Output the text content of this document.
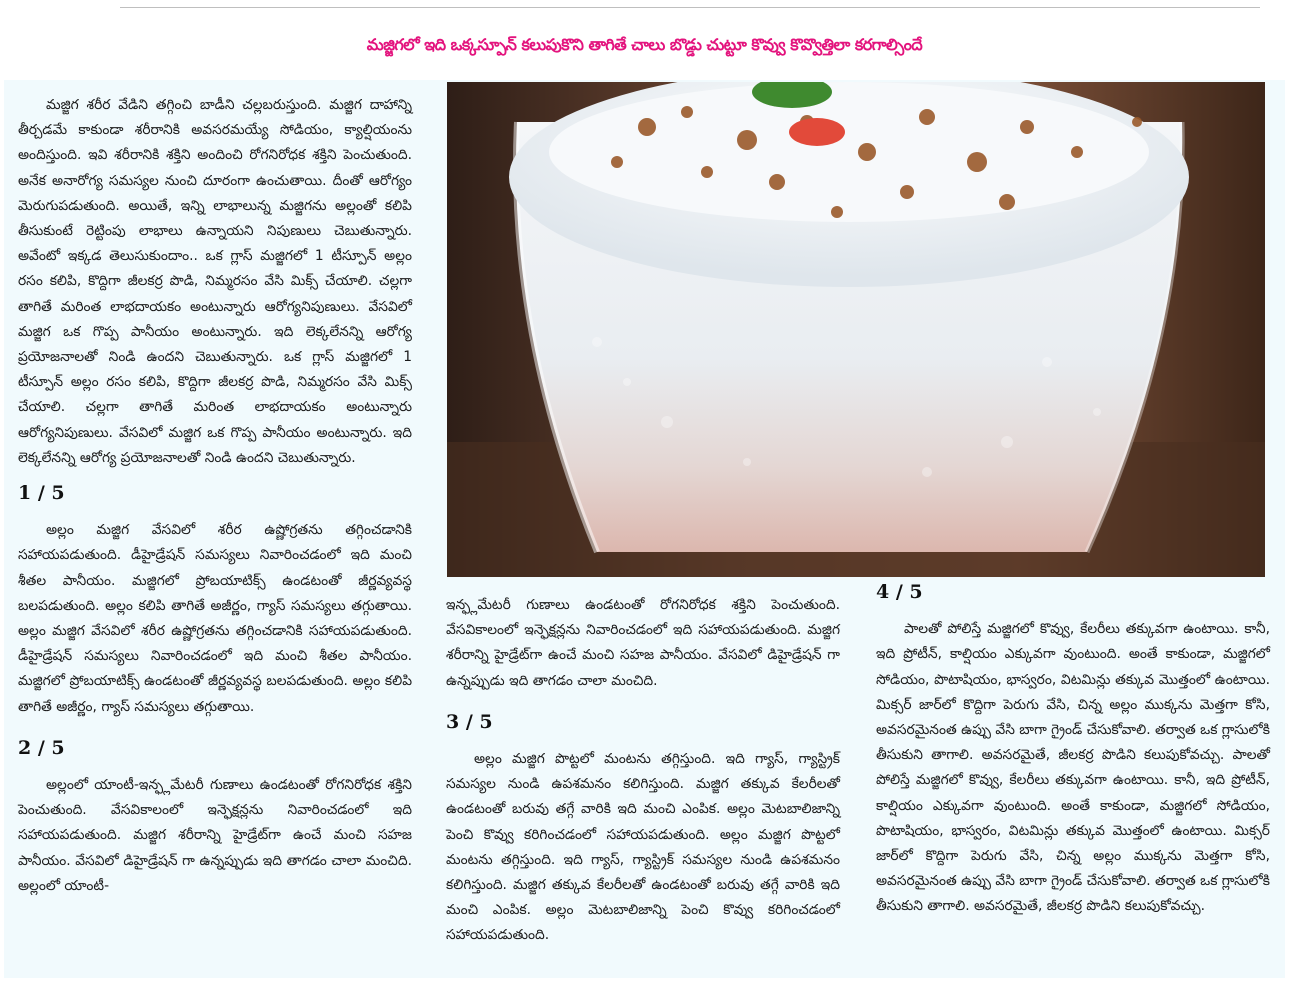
మజ్జిగలో ఇది ఒక్కస్పూన్ కలుపుకొని తాగితే చాలు బొడ్డు చుట్టూ కొవ్వు కొవ్వొత్తిలా కరగాల్సిందే

మజ్జిగ శరీర వేడిని తగ్గించి బాడీని చల్లబరుస్తుంది. మజ్జిగ దాహాన్ని తీర్చడమే కాకుండా శరీరానికి అవసరమయ్యే సోడియం, క్యాల్షియంను అందిస్తుంది. ఇవి శరీరానికి శక్తిని అందించి రోగనిరోధక శక్తిని పెంచుతుంది. అనేక అనారోగ్య సమస్యల నుంచి దూరంగా ఉంచుతాయి. దీంతో ఆరోగ్యం మెరుగుపడుతుంది. అయితే, ఇన్ని లాభాలున్న మజ్జిగను అల్లంతో కలిపి తీసుకుంటే రెట్టింపు లాభాలు ఉన్నాయని నిపుణులు చెబుతున్నారు. అవేంటో ఇక్కడ తెలుసుకుందాం.. ఒక గ్లాస్ మజ్జిగలో 1 టీస్పూన్ అల్లం రసం కలిపి, కొద్దిగా జీలకర్ర పొడి, నిమ్మరసం వేసి మిక్స్ చేయాలి. చల్లగా తాగితే మరింత లాభదాయకం అంటున్నారు ఆరోగ్యనిపుణులు. వేసవిలో మజ్జిగ ఒక గొప్ప పానీయం అంటున్నారు. ఇది లెక్కలేనన్ని ఆరోగ్య ప్రయోజనాలతో నిండి ఉందని చెబుతున్నారు. ఒక గ్లాస్ మజ్జిగలో 1 టీస్పూన్ అల్లం రసం కలిపి, కొద్దిగా జీలకర్ర పొడి, నిమ్మరసం వేసి మిక్స్ చేయాలి. చల్లగా తాగితే మరింత లాభదాయకం అంటున్నారు ఆరోగ్యనిపుణులు. వేసవిలో మజ్జిగ ఒక గొప్ప పానీయం అంటున్నారు. ఇది లెక్కలేనన్ని ఆరోగ్య ప్రయోజనాలతో నిండి ఉందని చెబుతున్నారు.

1 / 5

అల్లం మజ్జిగ వేసవిలో శరీర ఉష్ణోగ్రతను తగ్గించడానికి సహాయపడుతుంది. డీహైడ్రేషన్ సమస్యలు నివారించడంలో ఇది మంచి శీతల పానీయం. మజ్జిగలో ప్రోబయాటిక్స్ ఉండటంతో జీర్ణవ్యవస్థ బలపడుతుంది. అల్లం కలిపి తాగితే అజీర్ణం, గ్యాస్ సమస్యలు తగ్గుతాయి. అల్లం మజ్జిగ వేసవిలో శరీర ఉష్ణోగ్రతను తగ్గించడానికి సహాయపడుతుంది. డీహైడ్రేషన్ సమస్యలు నివారించడంలో ఇది మంచి శీతల పానీయం. మజ్జిగలో ప్రోబయాటిక్స్ ఉండటంతో జీర్ణవ్యవస్థ బలపడుతుంది. అల్లం కలిపి తాగితే అజీర్ణం, గ్యాస్ సమస్యలు తగ్గుతాయి.

2 / 5

అల్లంలో యాంటీ-ఇన్ఫ్లమేటరీ గుణాలు ఉండటంతో రోగనిరోధక శక్తిని పెంచుతుంది. వేసవికాలంలో ఇన్ఫెక్షన్లను నివారించడంలో ఇది సహాయపడుతుంది. మజ్జిగ శరీరాన్ని హైడ్రేట్‌గా ఉంచే మంచి సహజ పానీయం. వేసవిలో డిహైడ్రేషన్ గా ఉన్నప్పుడు ఇది తాగడం చాలా మంచిది. అల్లంలో యాంటీ-

ఇన్ఫ్లమేటరీ గుణాలు ఉండటంతో రోగనిరోధక శక్తిని పెంచుతుంది. వేసవికాలంలో ఇన్ఫెక్షన్లను నివారించడంలో ఇది సహాయపడుతుంది. మజ్జిగ శరీరాన్ని హైడ్రేట్‌గా ఉంచే మంచి సహజ పానీయం. వేసవిలో డిహైడ్రేషన్ గా ఉన్నప్పుడు ఇది తాగడం చాలా మంచిది.

3 / 5

అల్లం మజ్జిగ పొట్టలో మంటను తగ్గిస్తుంది. ఇది గ్యాస్, గ్యాస్ట్రిక్ సమస్యల నుండి ఉపశమనం కలిగిస్తుంది. మజ్జిగ తక్కువ కేలరీలతో ఉండటంతో బరువు తగ్గే వారికి ఇది మంచి ఎంపిక. అల్లం మెటబాలిజాన్ని పెంచి కొవ్వు కరిగించడంలో సహాయపడుతుంది. అల్లం మజ్జిగ పొట్టలో మంటను తగ్గిస్తుంది. ఇది గ్యాస్, గ్యాస్ట్రిక్ సమస్యల నుండి ఉపశమనం కలిగిస్తుంది. మజ్జిగ తక్కువ కేలరీలతో ఉండటంతో బరువు తగ్గే వారికి ఇది మంచి ఎంపిక. అల్లం మెటబాలిజాన్ని పెంచి కొవ్వు కరిగించడంలో సహాయపడుతుంది.

4 / 5

పాలతో పోలిస్తే మజ్జిగలో కొవ్వు, కేలరీలు తక్కువగా ఉంటాయి. కానీ, ఇది ప్రోటీన్, కాల్షియం ఎక్కువగా వుంటుంది. అంతే కాకుండా, మజ్జిగలో సోడియం, పొటాషియం, భాస్వరం, విటమిన్లు తక్కువ మొత్తంలో ఉంటాయి. మిక్సర్ జార్‌లో కొద్దిగా పెరుగు వేసి, చిన్న అల్లం ముక్కను మెత్తగా కోసి, అవసరమైనంత ఉప్పు వేసి బాగా గ్రైండ్ చేసుకోవాలి. తర్వాత ఒక గ్లాసులోకి తీసుకుని తాగాలి. అవసరమైతే, జీలకర్ర పొడిని కలుపుకోవచ్చు. పాలతో పోలిస్తే మజ్జిగలో కొవ్వు, కేలరీలు తక్కువగా ఉంటాయి. కానీ, ఇది ప్రోటీన్, కాల్షియం ఎక్కువగా వుంటుంది. అంతే కాకుండా, మజ్జిగలో సోడియం, పొటాషియం, భాస్వరం, విటమిన్లు తక్కువ మొత్తంలో ఉంటాయి. మిక్సర్ జార్‌లో కొద్దిగా పెరుగు వేసి, చిన్న అల్లం ముక్కను మెత్తగా కోసి, అవసరమైనంత ఉప్పు వేసి బాగా గ్రైండ్ చేసుకోవాలి. తర్వాత ఒక గ్లాసులోకి తీసుకుని తాగాలి. అవసరమైతే, జీలకర్ర పొడిని కలుపుకోవచ్చు.
